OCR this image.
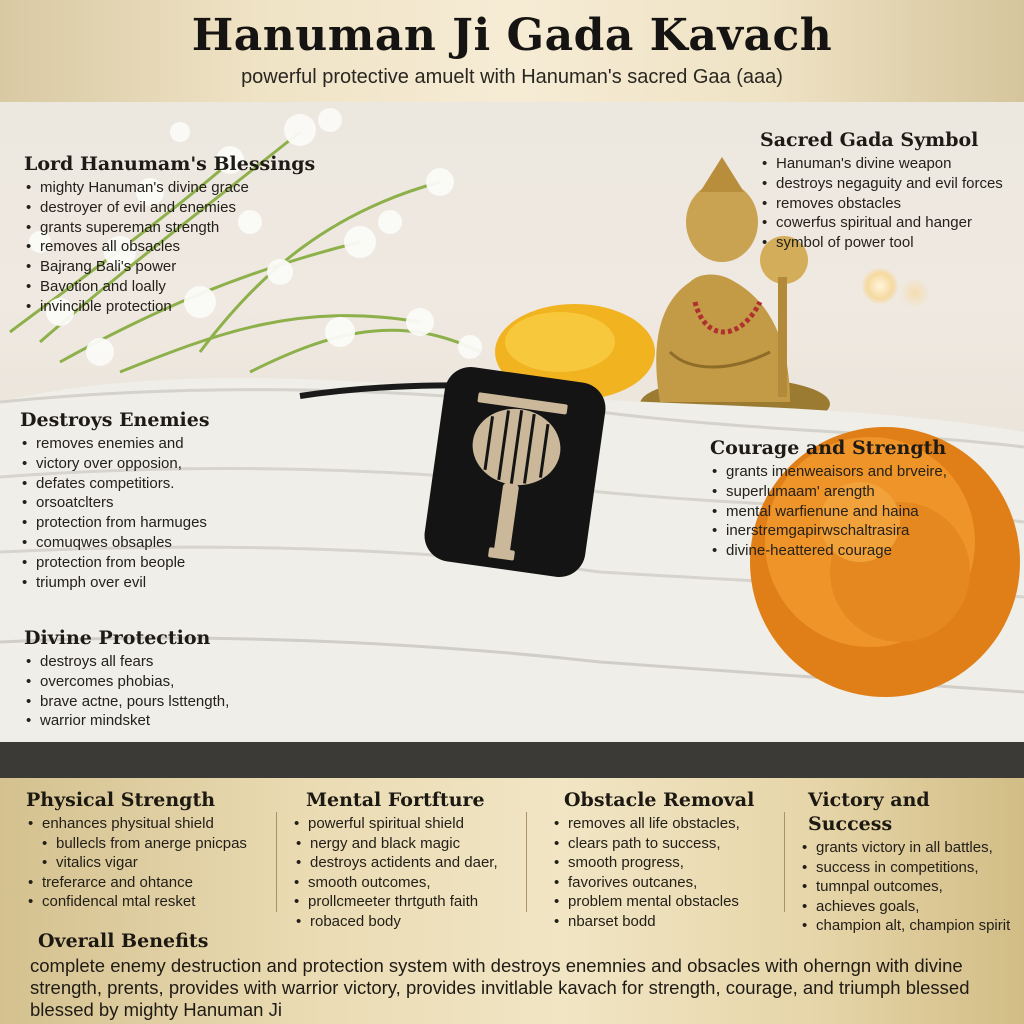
Hanuman Ji Gada Kavach
powerful protective amuelt with Hanuman's sacred Gaa (aaa)
Lord Hanumam's Blessings
• mighty Hanuman's divine grace
• destroyer of evil and enemies
• grants supereman strength
• removes all obsacles
• Bajrang Bali's power
• Bavotion and loally
• invincible protection
Sacred Gada Symbol
• Hanuman's divine weapon
• destroys negaguity and evil forces
• removes obstacles
• cowerfus spiritual and hanger
• symbol of power tool
Destroys Enemies
• removes enemies and
• victory over opposion,
• defates competitiors.
• orsoatclters
• protection from harmuges
• comuqwes obsaples
• protection from beople
• triumph over evil
Courage and Strength
• grants imenweaisors and brveire,
• superlumaam' arength
• mental warfienune and haina
• inerstremgapirwschaltrasira
• divine-heattered courage
Divine Protection
• destroys all fears
• overcomes phobias,
• brave actne, pours lsttength,
• warrior mindsket
Physical Strength
• enhances physitual shield
• bullecls from anerge pnicpas
• vitalics vigar
• treferarce and ohtance
• confidencal mtal resket
Mental Fortfture
• powerful spiritual shield
• nergy and black magic
• destroys actidents and daer,
• smooth outcomes,
• prollcmeeter thrtguth faith
• robaced body
Obstacle Removal
• removes all life obstacles,
• clears path to success,
• smooth progress,
• favorives outcanes,
• problem mental obstacles
• nbarset bodd
Victory and Success
• grants victory in all battles,
• success in competitions,
• tumnpal outcomes,
• achieves goals,
• champion alt, champion spirit
Overall Benefits
complete enemy destruction and protection system with destroys enemnies and obsacles with oherngn with divine strength, prents, provides with warrior victory, provides invitlable kavach for strength, courage, and triumph blessed blessed by mighty Hanuman Ji
